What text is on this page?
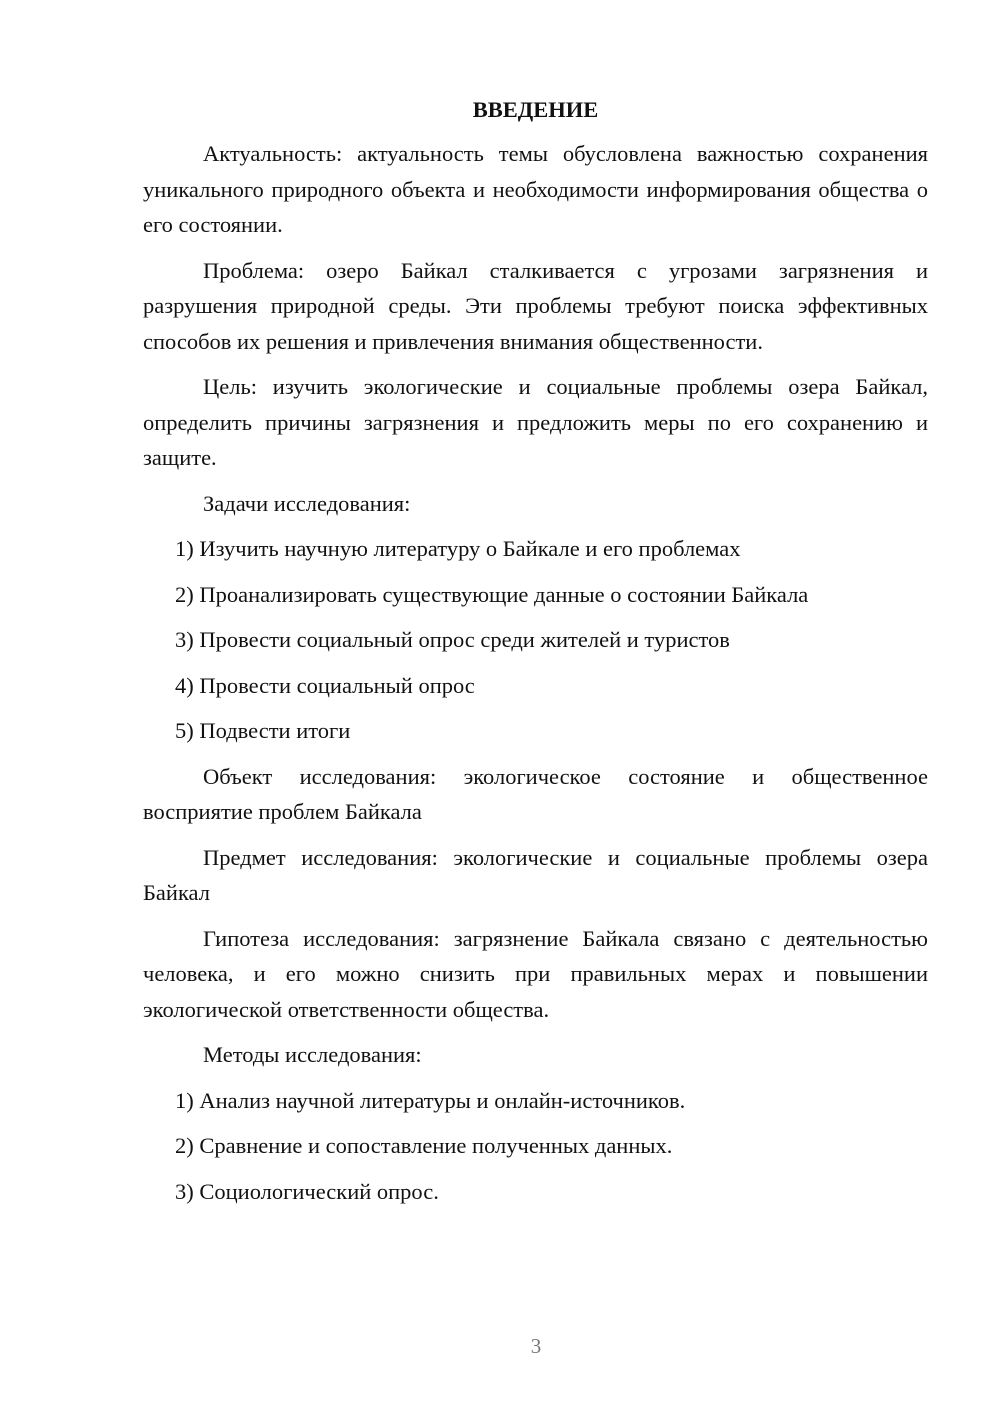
ВВЕДЕНИЕ

Актуальность: актуальность темы обусловлена важностью сохранения уникального природного объекта и необходимости информирования общества о его состоянии.

Проблема: озеро Байкал сталкивается с угрозами загрязнения и разрушения природной среды. Эти проблемы требуют поиска эффективных способов их решения и привлечения внимания общественности.

Цель: изучить экологические и социальные проблемы озера Байкал, определить причины загрязнения и предложить меры по его сохранению и защите.

Задачи исследования:

1) Изучить научную литературу о Байкале и его проблемах
2) Проанализировать существующие данные о состоянии Байкала
3) Провести социальный опрос среди жителей и туристов
4) Провести социальный опрос
5) Подвести итоги

Объект исследования: экологическое состояние и общественное восприятие проблем Байкала

Предмет исследования: экологические и социальные проблемы озера Байкал

Гипотеза исследования: загрязнение Байкала связано с деятельностью человека, и его можно снизить при правильных мерах и повышении экологической ответственности общества.

Методы исследования:

1) Анализ научной литературы и онлайн-источников.
2) Сравнение и сопоставление полученных данных.
3) Социологический опрос.
3
